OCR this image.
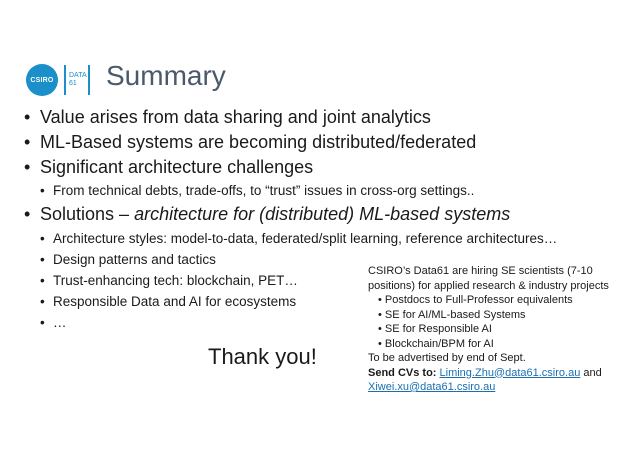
CSIRO
DATA
61	Summary
• Value arises from data sharing and joint analytics
• ML-Based systems are becoming distributed/federated
• Significant architecture challenges
• From technical debts, trade-offs, to “trust” issues in cross-org settings..
• Solutions – architecture for (distributed) ML-based systems
• Architecture styles: model-to-data, federated/split learning, reference architectures…
• Design patterns and tactics
• Trust-enhancing tech: blockchain, PET…
• Responsible Data and AI for ecosystems
• …
Thank you!
CSIRO’s Data61 are hiring SE scientists (7-10
positions) for applied research & industry projects
• Postdocs to Full-Professor equivalents
• SE for AI/ML-based Systems
• SE for Responsible AI
• Blockchain/BPM for AI
To be advertised by end of Sept.
Send CVs to: Liming.Zhu@data61.csiro.au and
Xiwei.xu@data61.csiro.au
